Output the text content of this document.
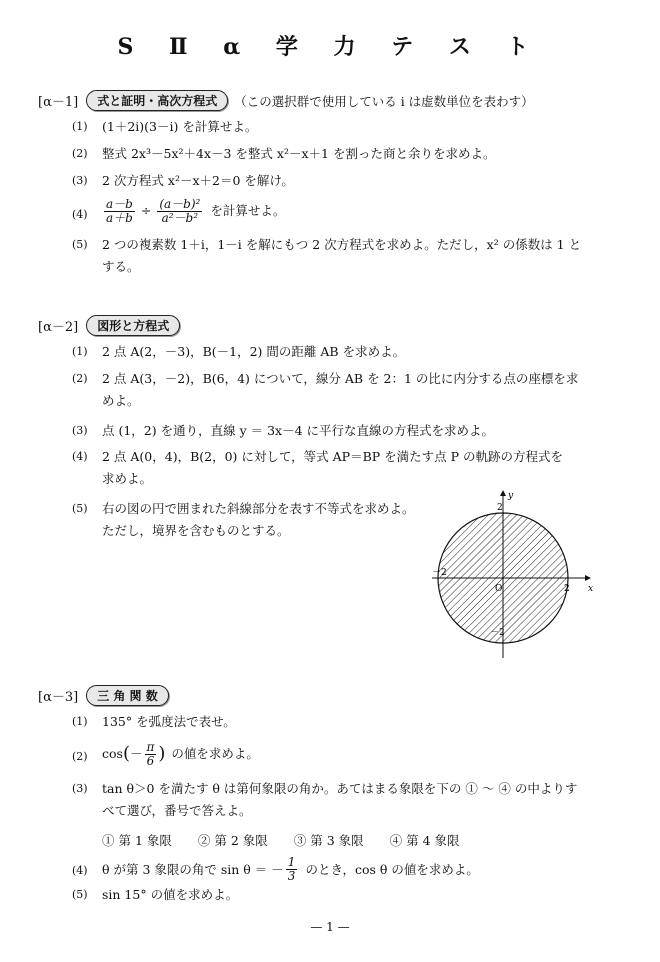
S Ⅱ α 学 力 テ ス ト
[α－1]	式と証明・高次方程式	（この選択群で使用している i は虚数単位を表わす）
(1)	(1＋2i)(3－i) を計算せよ。
(2)	整式 2x³－5x²＋4x－3 を整式 x²－x＋1 を割った商と余りを求めよ。
(3)	2 次方程式 x²－x＋2＝0 を解け。
(4)	$\frac{a-b}{a+b} \div \frac{\text{(a－b)²}}{\text{a²－b²}}$ を計算せよ。
(5)	2 つの複素数 1＋i，1－i を解にもつ 2 次方程式を求めよ。ただし，x² の係数は 1 と
する。
[α－2]	図形と方程式
(1)	2 点 A(2，－3)，B(－1，2) 間の距離 AB を求めよ。
(2)	2 点 A(3，－2)，B(6，4) について，線分 AB を 2：1 の比に内分する点の座標を求
めよ。
(3)	点 (1，2) を通り，直線 y ＝ 3x－4 に平行な直線の方程式を求めよ。
(4)	2 点 A(0，4)，B(2，0) に対して，等式 AP＝BP を満たす点 P の軌跡の方程式を
求めよ。
(5)	右の図の円で囲まれた斜線部分を表す不等式を求めよ。
ただし，境界を含むものとする。
y
x
O
2
－2
－2
2
[α－3]	三 角 関 数
(1)	135° を弧度法で表せ。
(2)	cos ( － $\frac{\pi}{6}$ ) の値を求めよ。
(3)	tan θ＞0 を満たす θ は第何象限の角か。あてはまる象限を下の ① ～ ④ の中よりす
べて選び，番号で答えよ。
① 第 1 象限 ② 第 2 象限 ③ 第 3 象限 ④ 第 4 象限
(4)	θ が第 3 象限の角で sin θ ＝ － $\frac{1}{3}$ のとき，cos θ の値を求めよ。
(5)	sin 15° の値を求めよ。
— 1 —
